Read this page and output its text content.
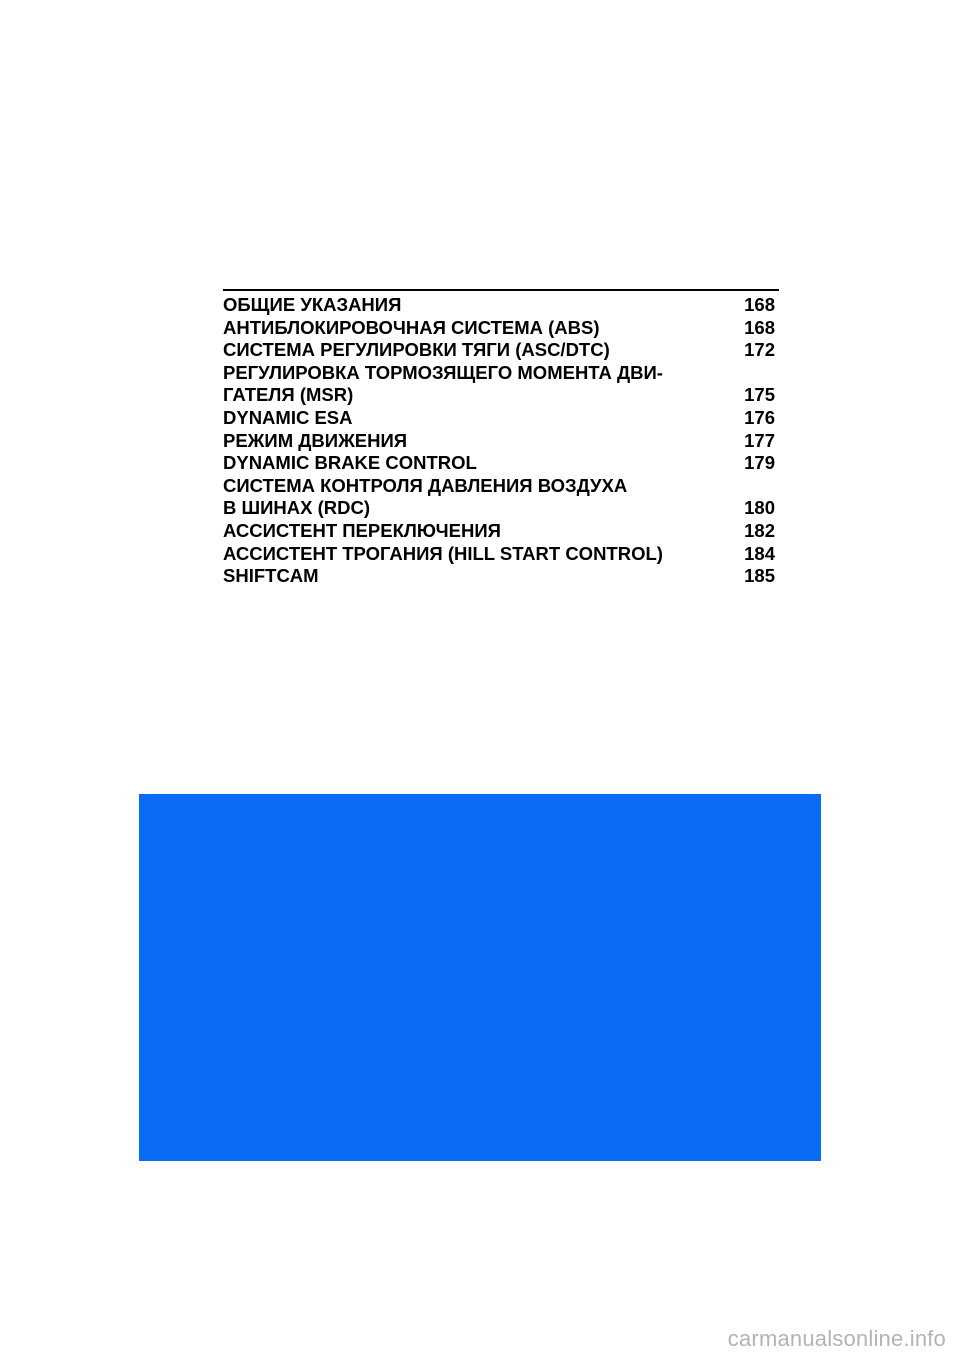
ОБЩИЕ УКАЗАНИЯ	168
АНТИБЛОКИРОВОЧНАЯ СИСТЕМА (ABS)	168
СИСТЕМА РЕГУЛИРОВКИ ТЯГИ (ASC/DTC)	172
РЕГУЛИРОВКА ТОРМОЗЯЩЕГО МОМЕНТА ДВИ-
ГАТЕЛЯ (MSR)	175
DYNAMIC ESA	176
РЕЖИМ ДВИЖЕНИЯ	177
DYNAMIC BRAKE CONTROL	179
СИСТЕМА КОНТРОЛЯ ДАВЛЕНИЯ ВОЗДУХА
В ШИНАХ (RDC)	180
АССИСТЕНТ ПЕРЕКЛЮЧЕНИЯ	182
АССИСТЕНТ ТРОГАНИЯ (HILL START CONTROL)	184
SHIFTCAM	185
carmanualsonline.info
